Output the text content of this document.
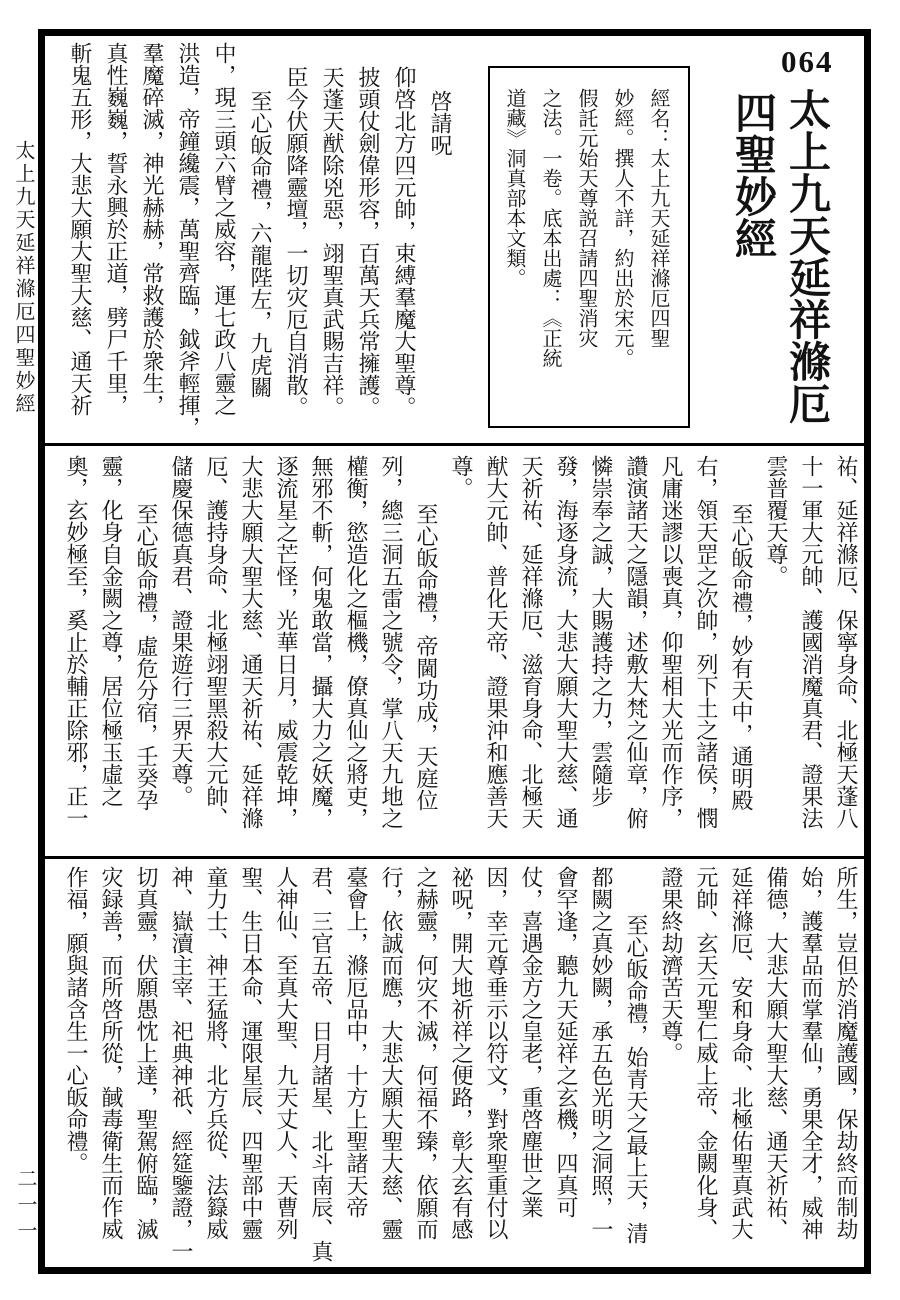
064
太上九天延祥滌厄
四聖妙經
經名：太上九天延祥滌厄四聖
妙經。撰人不詳，約出於宋元。
假託元始天尊説召請四聖消灾
之法。一卷。底本出處：《正統
道藏》洞真部本文類。
啓請呪
仰啓北方四元帥，束縛羣魔大聖尊。
披頭仗劍偉形容，百萬天兵常擁護。
天蓬天猷除兇惡，翊聖真武賜吉祥。
臣今伏願降靈壇，一切灾厄自消散。
至心皈命禮，六龍陛左，九虎關
中，現三頭六臂之威容，運七政八靈之
洪造，帝鐘纔震，萬聖齊臨，鉞斧輕揮，
羣魔碎滅，神光赫赫，常救護於衆生，
真性巍巍，誓永興於正道，劈尸千里，
斬鬼五形，大悲大願大聖大慈、通天祈
祐、延祥滌厄、保寧身命、北極天蓬八
十一軍大元帥、護國消魔真君、證果法
雲普覆天尊。
至心皈命禮，妙有天中，通明殿
右，領天罡之次帥，列下土之諸侯，憫
凡庸迷謬以喪真，仰聖相大光而作序，
讚演諸天之隱韻，述敷大梵之仙章，俯
憐崇奉之誠，大賜護持之力，雲隨步
發，海逐身流，大悲大願大聖大慈、通
天祈祐、延祥滌厄、滋育身命、北極天
猷大元帥、普化天帝、證果沖和應善天
尊。
至心皈命禮，帝閫功成，天庭位
列，總三洞五雷之號令，掌八天九地之
權衡，慾造化之樞機，僚真仙之將吏，
無邪不斬，何鬼敢當，攝大力之妖魔，
逐流星之芒怪，光華日月，威震乾坤，
大悲大願大聖大慈、通天祈祐、延祥滌
厄、護持身命、北極翊聖黑殺大元帥、
儲慶保德真君、證果遊行三界天尊。
至心皈命禮，虛危分宿，壬癸孕
靈，化身自金闕之尊，居位極玉虛之
奧，玄妙極至，奚止於輔正除邪，正一
所生，豈但於消魔護國，保劫終而制劫
始，護羣品而掌羣仙，勇果全才，威神
備德，大悲大願大聖大慈、通天祈祐、
延祥滌厄、安和身命、北極佑聖真武大
元帥、玄天元聖仁威上帝、金闕化身、
證果終劫濟苦天尊。
至心皈命禮，始青天之最上天，清
都闕之真妙闕，承五色光明之洞照，一
會罕逢，聽九天延祥之玄機，四真可
仗，喜遇金方之皇老，重啓塵世之業
因，幸元尊垂示以符文，對衆聖重付以
祕呪，開大地祈祥之便路，彰大玄有感
之赫靈，何灾不滅，何福不臻，依願而
行，依誠而應，大悲大願大聖大慈、靈
臺會上，滌厄品中，十方上聖諸天帝
君、三官五帝、日月諸星、北斗南辰、真
人神仙、至真大聖、九天丈人、天曹列
聖、生日本命、運限星辰、四聖部中靈
童力士、神王猛將、北方兵從、法籙威
神、嶽瀆主宰、祀典神祇、經筵鑒證，一
切真靈，伏願愚忱上達，聖駕俯臨，滅
灾録善，而所啓所從，馘毒衛生而作威
作福，願與諸含生一心皈命禮。
太上九天延祥滌厄四聖妙經
二一一
